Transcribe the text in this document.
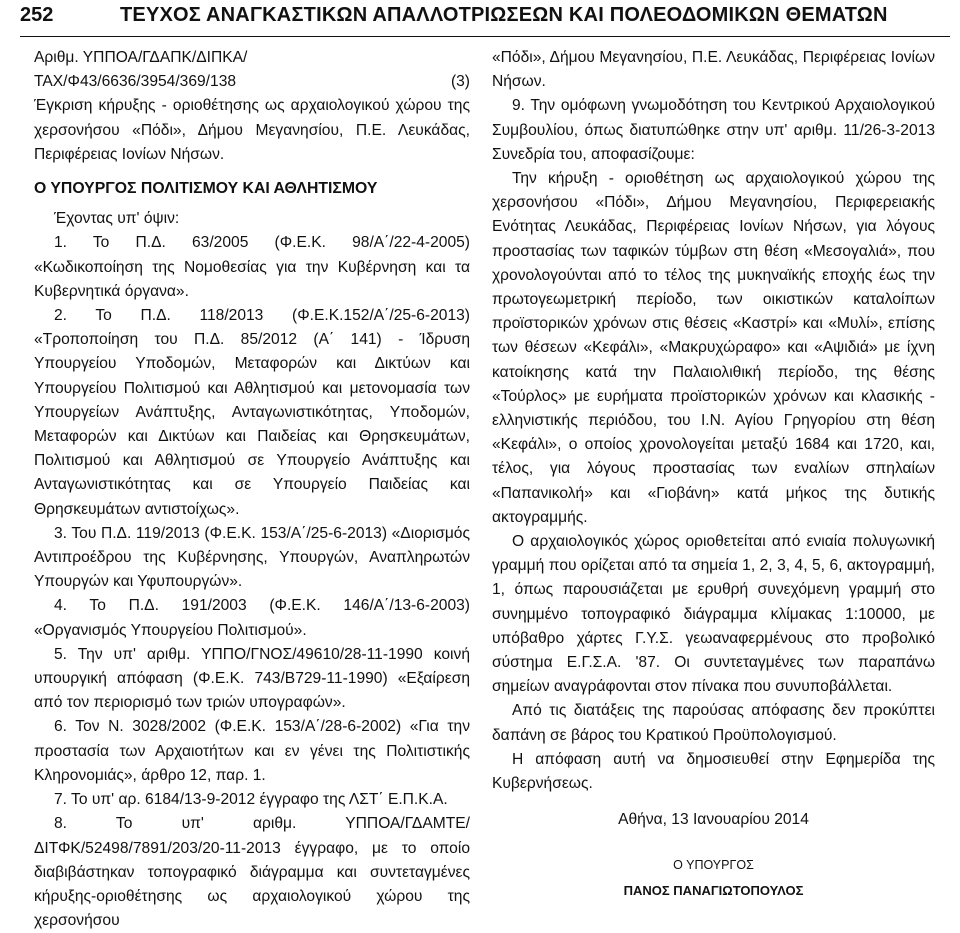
252	ΤΕΥΧΟΣ ΑΝΑΓΚΑΣΤΙΚΩΝ ΑΠΑΛΛΟΤΡΙΩΣΕΩΝ ΚΑΙ ΠΟΛΕΟΔΟΜΙΚΩΝ ΘΕΜΑΤΩΝ

Αριθμ. ΥΠΠΟΑ/ΓΔΑΠΚ/ΔΙΠΚΑ/

ΤΑΧ/Φ43/6636/3954/369/138	(3)

Έγκριση κήρυξης - οριοθέτησης ως αρχαιολογικού χώρου της χερσονήσου «Πόδι», Δήμου Μεγανησίου, Π.Ε. Λευκάδας, Περιφέρειας Ιονίων Νήσων.

Ο ΥΠΟΥΡΓΟΣ ΠΟΛΙΤΙΣΜΟΥ ΚΑΙ ΑΘΛΗΤΙΣΜΟΥ

Έχοντας υπ' όψιν:

1. Το Π.Δ. 63/2005 (Φ.Ε.Κ. 98/Α΄/22-4-2005) «Κωδικοποίηση της Νομοθεσίας για την Κυβέρνηση και τα Κυβερνητικά όργανα».

2. Το Π.Δ. 118/2013 (Φ.Ε.Κ.152/Α΄/25-6-2013) «Τροποποίηση του Π.Δ. 85/2012 (Α΄ 141) - Ίδρυση Υπουργείου Υποδομών, Μεταφορών και Δικτύων και Υπουργείου Πολιτισμού και Αθλητισμού και μετονομασία των Υπουργείων Ανάπτυξης, Ανταγωνιστικότητας, Υποδομών, Μεταφορών και Δικτύων και Παιδείας και Θρησκευμάτων, Πολιτισμού και Αθλητισμού σε Υπουργείο Ανάπτυξης και Ανταγωνιστικότητας και σε Υπουργείο Παιδείας και Θρησκευμάτων αντιστοίχως».

3. Του Π.Δ. 119/2013 (Φ.Ε.Κ. 153/Α΄/25-6-2013) «Διορισμός Αντιπροέδρου της Κυβέρνησης, Υπουργών, Αναπληρωτών Υπουργών και Υφυπουργών».

4. Το Π.Δ. 191/2003 (Φ.Ε.Κ. 146/Α΄/13-6-2003) «Οργανισμός Υπουργείου Πολιτισμού».

5. Την υπ' αριθμ. ΥΠΠΟ/ΓΝΟΣ/49610/28-11-1990 κοινή υπουργική απόφαση (Φ.Ε.Κ. 743/Β729-11-1990) «Εξαίρεση από τον περιορισμό των τριών υπογραφών».

6. Τον Ν. 3028/2002 (Φ.Ε.Κ. 153/Α΄/28-6-2002) «Για την προστασία των Αρχαιοτήτων και εν γένει της Πολιτιστικής Κληρονομιάς», άρθρο 12, παρ. 1.

7. Το υπ' αρ. 6184/13-9-2012 έγγραφο της ΛΣΤ΄ Ε.Π.Κ.Α.

8. Το υπ' αριθμ. ΥΠΠΟΑ/ΓΔΑΜΤΕ/ΔΙΤΦΚ/52498/7891/203/20-11-2013 έγγραφο, με το οποίο διαβιβάστηκαν τοπογραφικό διάγραμμα και συντεταγμένες κήρυξης-οριοθέτησης ως αρχαιολογικού χώρου της χερσονήσου

«Πόδι», Δήμου Μεγανησίου, Π.Ε. Λευκάδας, Περιφέρειας Ιονίων Νήσων.

9. Την ομόφωνη γνωμοδότηση του Κεντρικού Αρχαιολογικού Συμβουλίου, όπως διατυπώθηκε στην υπ' αριθμ. 11/26-3-2013 Συνεδρία του, αποφασίζουμε:

Την κήρυξη - οριοθέτηση ως αρχαιολογικού χώρου της χερσονήσου «Πόδι», Δήμου Μεγανησίου, Περιφερειακής Ενότητας Λευκάδας, Περιφέρειας Ιονίων Νήσων, για λόγους προστασίας των ταφικών τύμβων στη θέση «Μεσογαλιά», που χρονολογούνται από το τέλος της μυκηναϊκής εποχής έως την πρωτογεωμετρική περίοδο, των οικιστικών καταλοίπων προϊστορικών χρόνων στις θέσεις «Καστρί» και «Μυλί», επίσης των θέσεων «Κεφάλι», «Μακρυχώραφο» και «Αψιδιά» με ίχνη κατοίκησης κατά την Παλαιολιθική περίοδο, της θέσης «Τούρλος» με ευρήματα προϊστορικών χρόνων και κλασικής - ελληνιστικής περιόδου, του Ι.Ν. Αγίου Γρηγορίου στη θέση «Κεφάλι», ο οποίος χρονολογείται μεταξύ 1684 και 1720, και, τέλος, για λόγους προστασίας των εναλίων σπηλαίων «Παπανικολή» και «Γιοβάνη» κατά μήκος της δυτικής ακτογραμμής.

Ο αρχαιολογικός χώρος οριοθετείται από ενιαία πολυγωνική γραμμή που ορίζεται από τα σημεία 1, 2, 3, 4, 5, 6, ακτογραμμή, 1, όπως παρουσιάζεται με ερυθρή συνεχόμενη γραμμή στο συνημμένο τοπογραφικό διάγραμμα κλίμακας 1:10000, με υπόβαθρο χάρτες Γ.Υ.Σ. γεωαναφερμένους στο προβολικό σύστημα Ε.Γ.Σ.Α. '87. Οι συντεταγμένες των παραπάνω σημείων αναγράφονται στον πίνακα που συνυποβάλλεται.

Από τις διατάξεις της παρούσας απόφασης δεν προκύπτει δαπάνη σε βάρος του Κρατικού Προϋπολογισμού.

Η απόφαση αυτή να δημοσιευθεί στην Εφημερίδα της Κυβερνήσεως.

Αθήνα, 13 Ιανουαρίου 2014

Ο ΥΠΟΥΡΓΟΣ

ΠΑΝΟΣ ΠΑΝΑΓΙΩΤΟΠΟΥΛΟΣ
